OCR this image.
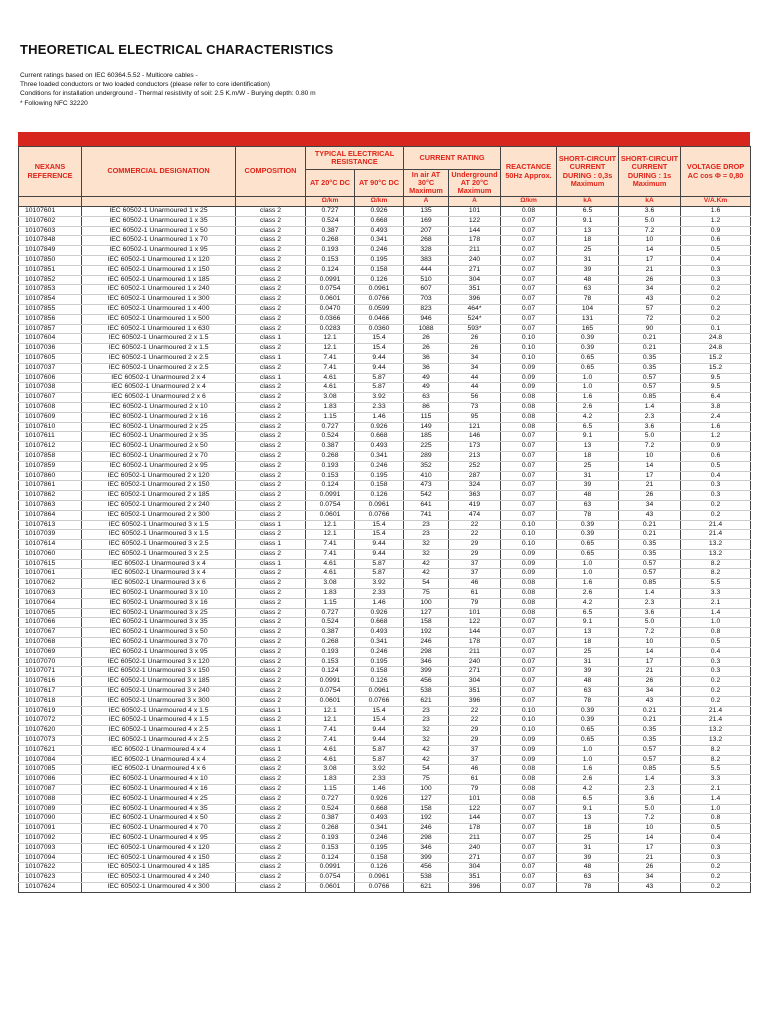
THEORETICAL ELECTRICAL CHARACTERISTICS
Current ratings based on IEC 60364.5.52 - Multicore cables -
Three loaded conductors or two loaded conductors (please refer to core identification)
Conditions for installation underground - Thermal resistivity of soil: 2.5 K.m/W - Burying depth: 0.80 m
* Following NFC 32220
NEXANS REFERENCE	COMMERCIAL DESIGNATION	COMPOSITION	TYPICAL ELECTRICAL RESISTANCE		CURRENT RATING		REACTANCE 50Hz Approx.	SHORT-CIRCUIT CURRENT DURING : 0,3s Maximum	SHORT-CIRCUIT CURRENT DURING : 1s Maximum	VOLTAGE DROP AC cos Φ = 0,80
			AT 20°C DC	AT 90°C DC	In air AT 30°C Maximum	Underground AT 20°C Maximum				
			Ω/km	Ω/km	A	A	Ω/km	kA	kA	V/A.Km
10107601	IEC 60502-1 Unarmoured 1 x 25	class 2	0.727	0.926	135	101	0.08	6.5	3.6	1.6
10107602	IEC 60502-1 Unarmoured 1 x 35	class 2	0.524	0.668	169	122	0.07	9.1	5.0	1.2
10107603	IEC 60502-1 Unarmoured 1 x 50	class 2	0.387	0.493	207	144	0.07	13	7.2	0.9
10107848	IEC 60502-1 Unarmoured 1 x 70	class 2	0.268	0.341	268	178	0.07	18	10	0.6
10107849	IEC 60502-1 Unarmoured 1 x 95	class 2	0.193	0.246	328	211	0.07	25	14	0.5
10107850	IEC 60502-1 Unarmoured 1 x 120	class 2	0.153	0.195	383	240	0.07	31	17	0.4
10107851	IEC 60502-1 Unarmoured 1 x 150	class 2	0.124	0.158	444	271	0.07	39	21	0.3
10107852	IEC 60502-1 Unarmoured 1 x 185	class 2	0.0991	0.126	510	304	0.07	48	26	0.3
10107853	IEC 60502-1 Unarmoured 1 x 240	class 2	0.0754	0.0961	607	351	0.07	63	34	0.2
10107854	IEC 60502-1 Unarmoured 1 x 300	class 2	0.0601	0.0766	703	396	0.07	78	43	0.2
10107855	IEC 60502-1 Unarmoured 1 x 400	class 2	0.0470	0.0599	823	464*	0.07	104	57	0.2
10107856	IEC 60502-1 Unarmoured 1 x 500	class 2	0.0366	0.0466	946	524*	0.07	131	72	0.2
10107857	IEC 60502-1 Unarmoured 1 x 630	class 2	0.0283	0.0360	1088	593*	0.07	165	90	0.1
10107604	IEC 60502-1 Unarmoured 2 x 1.5	class 1	12.1	15.4	26	26	0.10	0.39	0.21	24.8
10107036	IEC 60502-1 Unarmoured 2 x 1.5	class 2	12.1	15.4	26	26	0.10	0.39	0.21	24.8
10107605	IEC 60502-1 Unarmoured 2 x 2.5	class 1	7.41	9.44	36	34	0.10	0.65	0.35	15.2
10107037	IEC 60502-1 Unarmoured 2 x 2.5	class 2	7.41	9.44	36	34	0.09	0.65	0.35	15.2
10107606	IEC 60502-1 Unarmoured 2 x 4	class 1	4.61	5.87	49	44	0.09	1.0	0.57	9.5
10107038	IEC 60502-1 Unarmoured 2 x 4	class 2	4.61	5.87	49	44	0.09	1.0	0.57	9.5
10107607	IEC 60502-1 Unarmoured 2 x 6	class 2	3.08	3.92	63	56	0.08	1.6	0.85	6.4
10107608	IEC 60502-1 Unarmoured 2 x 10	class 2	1.83	2.33	86	73	0.08	2.6	1.4	3.8
10107609	IEC 60502-1 Unarmoured 2 x 16	class 2	1.15	1.46	115	95	0.08	4.2	2.3	2.4
10107610	IEC 60502-1 Unarmoured 2 x 25	class 2	0.727	0.926	149	121	0.08	6.5	3.6	1.6
10107611	IEC 60502-1 Unarmoured 2 x 35	class 2	0.524	0.668	185	146	0.07	9.1	5.0	1.2
10107612	IEC 60502-1 Unarmoured 2 x 50	class 2	0.387	0.493	225	173	0.07	13	7.2	0.9
10107858	IEC 60502-1 Unarmoured 2 x 70	class 2	0.268	0.341	289	213	0.07	18	10	0.6
10107859	IEC 60502-1 Unarmoured 2 x 95	class 2	0.193	0.246	352	252	0.07	25	14	0.5
10107860	IEC 60502-1 Unarmoured 2 x 120	class 2	0.153	0.195	410	287	0.07	31	17	0.4
10107861	IEC 60502-1 Unarmoured 2 x 150	class 2	0.124	0.158	473	324	0.07	39	21	0.3
10107862	IEC 60502-1 Unarmoured 2 x 185	class 2	0.0991	0.126	542	363	0.07	48	26	0.3
10107863	IEC 60502-1 Unarmoured 2 x 240	class 2	0.0754	0.0961	641	419	0.07	63	34	0.2
10107864	IEC 60502-1 Unarmoured 2 x 300	class 2	0.0601	0.0766	741	474	0.07	78	43	0.2
10107613	IEC 60502-1 Unarmoured 3 x 1.5	class 1	12.1	15.4	23	22	0.10	0.39	0.21	21.4
10107039	IEC 60502-1 Unarmoured 3 x 1.5	class 2	12.1	15.4	23	22	0.10	0.39	0.21	21.4
10107614	IEC 60502-1 Unarmoured 3 x 2.5	class 1	7.41	9.44	32	29	0.10	0.65	0.35	13.2
10107060	IEC 60502-1 Unarmoured 3 x 2.5	class 2	7.41	9.44	32	29	0.09	0.65	0.35	13.2
10107615	IEC 60502-1 Unarmoured 3 x 4	class 1	4.61	5.87	42	37	0.09	1.0	0.57	8.2
10107061	IEC 60502-1 Unarmoured 3 x 4	class 2	4.61	5.87	42	37	0.09	1.0	0.57	8.2
10107062	IEC 60502-1 Unarmoured 3 x 6	class 2	3.08	3.92	54	46	0.08	1.6	0.85	5.5
10107063	IEC 60502-1 Unarmoured 3 x 10	class 2	1.83	2.33	75	61	0.08	2.6	1.4	3.3
10107064	IEC 60502-1 Unarmoured 3 x 16	class 2	1.15	1.46	100	79	0.08	4.2	2.3	2.1
10107065	IEC 60502-1 Unarmoured 3 x 25	class 2	0.727	0.926	127	101	0.08	6.5	3.6	1.4
10107066	IEC 60502-1 Unarmoured 3 x 35	class 2	0.524	0.668	158	122	0.07	9.1	5.0	1.0
10107067	IEC 60502-1 Unarmoured 3 x 50	class 2	0.387	0.493	192	144	0.07	13	7.2	0.8
10107068	IEC 60502-1 Unarmoured 3 x 70	class 2	0.268	0.341	246	178	0.07	18	10	0.5
10107069	IEC 60502-1 Unarmoured 3 x 95	class 2	0.193	0.246	298	211	0.07	25	14	0.4
10107070	IEC 60502-1 Unarmoured 3 x 120	class 2	0.153	0.195	346	240	0.07	31	17	0.3
10107071	IEC 60502-1 Unarmoured 3 x 150	class 2	0.124	0.158	399	271	0.07	39	21	0.3
10107616	IEC 60502-1 Unarmoured 3 x 185	class 2	0.0991	0.126	456	304	0.07	48	26	0.2
10107617	IEC 60502-1 Unarmoured 3 x 240	class 2	0.0754	0.0961	538	351	0.07	63	34	0.2
10107618	IEC 60502-1 Unarmoured 3 x 300	class 2	0.0601	0.0766	621	396	0.07	78	43	0.2
10107619	IEC 60502-1 Unarmoured 4 x 1.5	class 1	12.1	15.4	23	22	0.10	0.39	0.21	21.4
10107072	IEC 60502-1 Unarmoured 4 x 1.5	class 2	12.1	15.4	23	22	0.10	0.39	0.21	21.4
10107620	IEC 60502-1 Unarmoured 4 x 2.5	class 1	7.41	9.44	32	29	0.10	0.65	0.35	13.2
10107073	IEC 60502-1 Unarmoured 4 x 2.5	class 2	7.41	9.44	32	29	0.09	0.65	0.35	13.2
10107621	IEC 60502-1 Unarmoured 4 x 4	class 1	4.61	5.87	42	37	0.09	1.0	0.57	8.2
10107084	IEC 60502-1 Unarmoured 4 x 4	class 2	4.61	5.87	42	37	0.09	1.0	0.57	8.2
10107085	IEC 60502-1 Unarmoured 4 x 6	class 2	3.08	3.92	54	46	0.08	1.6	0.85	5.5
10107086	IEC 60502-1 Unarmoured 4 x 10	class 2	1.83	2.33	75	61	0.08	2.6	1.4	3.3
10107087	IEC 60502-1 Unarmoured 4 x 16	class 2	1.15	1.46	100	79	0.08	4.2	2.3	2.1
10107088	IEC 60502-1 Unarmoured 4 x 25	class 2	0.727	0.926	127	101	0.08	6.5	3.6	1.4
10107089	IEC 60502-1 Unarmoured 4 x 35	class 2	0.524	0.668	158	122	0.07	9.1	5.0	1.0
10107090	IEC 60502-1 Unarmoured 4 x 50	class 2	0.387	0.493	192	144	0.07	13	7.2	0.8
10107091	IEC 60502-1 Unarmoured 4 x 70	class 2	0.268	0.341	246	178	0.07	18	10	0.5
10107092	IEC 60502-1 Unarmoured 4 x 95	class 2	0.193	0.246	298	211	0.07	25	14	0.4
10107093	IEC 60502-1 Unarmoured 4 x 120	class 2	0.153	0.195	346	240	0.07	31	17	0.3
10107094	IEC 60502-1 Unarmoured 4 x 150	class 2	0.124	0.158	399	271	0.07	39	21	0.3
10107622	IEC 60502-1 Unarmoured 4 x 185	class 2	0.0991	0.126	456	304	0.07	48	26	0.2
10107623	IEC 60502-1 Unarmoured 4 x 240	class 2	0.0754	0.0961	538	351	0.07	63	34	0.2
10107624	IEC 60502-1 Unarmoured 4 x 300	class 2	0.0601	0.0766	621	396	0.07	78	43	0.2
